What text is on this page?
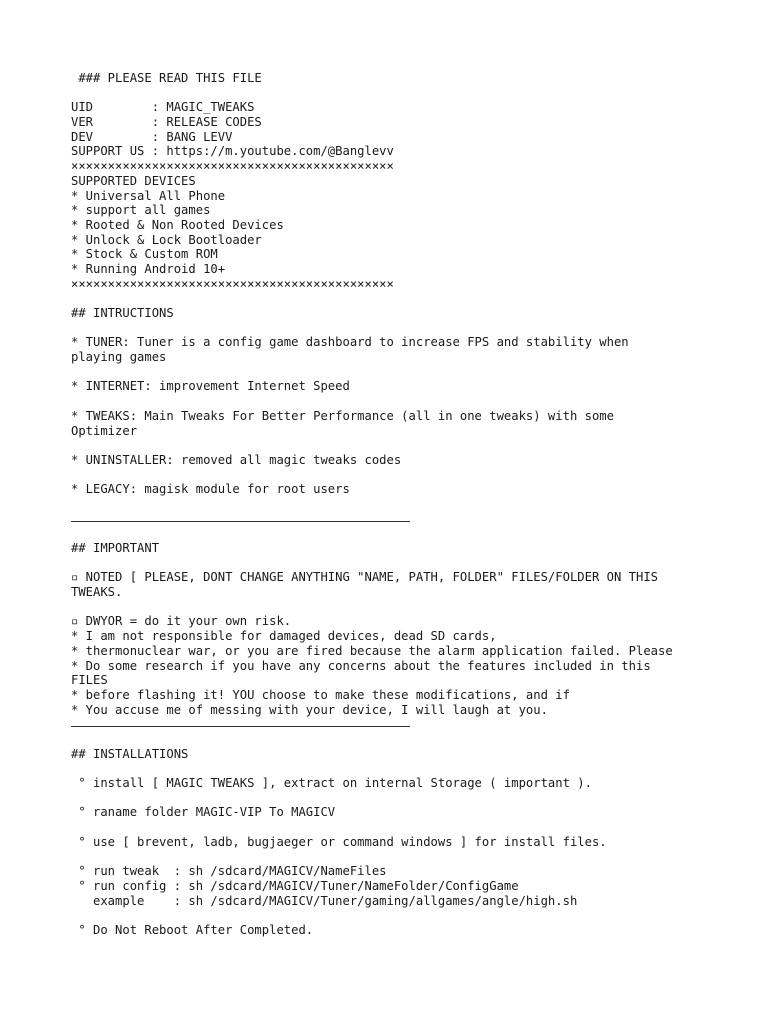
### PLEASE READ THIS FILE
UID        : MAGIC_TWEAKS
VER        : RELEASE CODES
DEV        : BANG LEVV
SUPPORT US : https://m.youtube.com/@Banglevv
××××××××××××××××××××××××××××××××××××××××××××
SUPPORTED DEVICES
* Universal All Phone
* support all games
* Rooted & Non Rooted Devices
* Unlock & Lock Bootloader
* Stock & Custom ROM
* Running Android 10+
××××××××××××××××××××××××××××××××××××××××××××
## INTRUCTIONS
* TUNER: Tuner is a config game dashboard to increase FPS and stability when
playing games
* INTERNET: improvement Internet Speed
* TWEAKS: Main Tweaks For Better Performance (all in one tweaks) with some
Optimizer
* UNINSTALLER: removed all magic tweaks codes
* LEGACY: magisk module for root users
## IMPORTANT
▫ NOTED [ PLEASE, DONT CHANGE ANYTHING "NAME, PATH, FOLDER" FILES/FOLDER ON THIS
TWEAKS.
▫ DWYOR = do it your own risk.
* I am not responsible for damaged devices, dead SD cards,
* thermonuclear war, or you are fired because the alarm application failed. Please
* Do some research if you have any concerns about the features included in this
FILES
* before flashing it! YOU choose to make these modifications, and if
* You accuse me of messing with your device, I will laugh at you.
## INSTALLATIONS
° install [ MAGIC TWEAKS ], extract on internal Storage ( important ).
° raname folder MAGIC-VIP To MAGICV
° use [ brevent, ladb, bugjaeger or command windows ] for install files.
° run tweak  : sh /sdcard/MAGICV/NameFiles
° run config : sh /sdcard/MAGICV/Tuner/NameFolder/ConfigGame
example    : sh /sdcard/MAGICV/Tuner/gaming/allgames/angle/high.sh
° Do Not Reboot After Completed.
